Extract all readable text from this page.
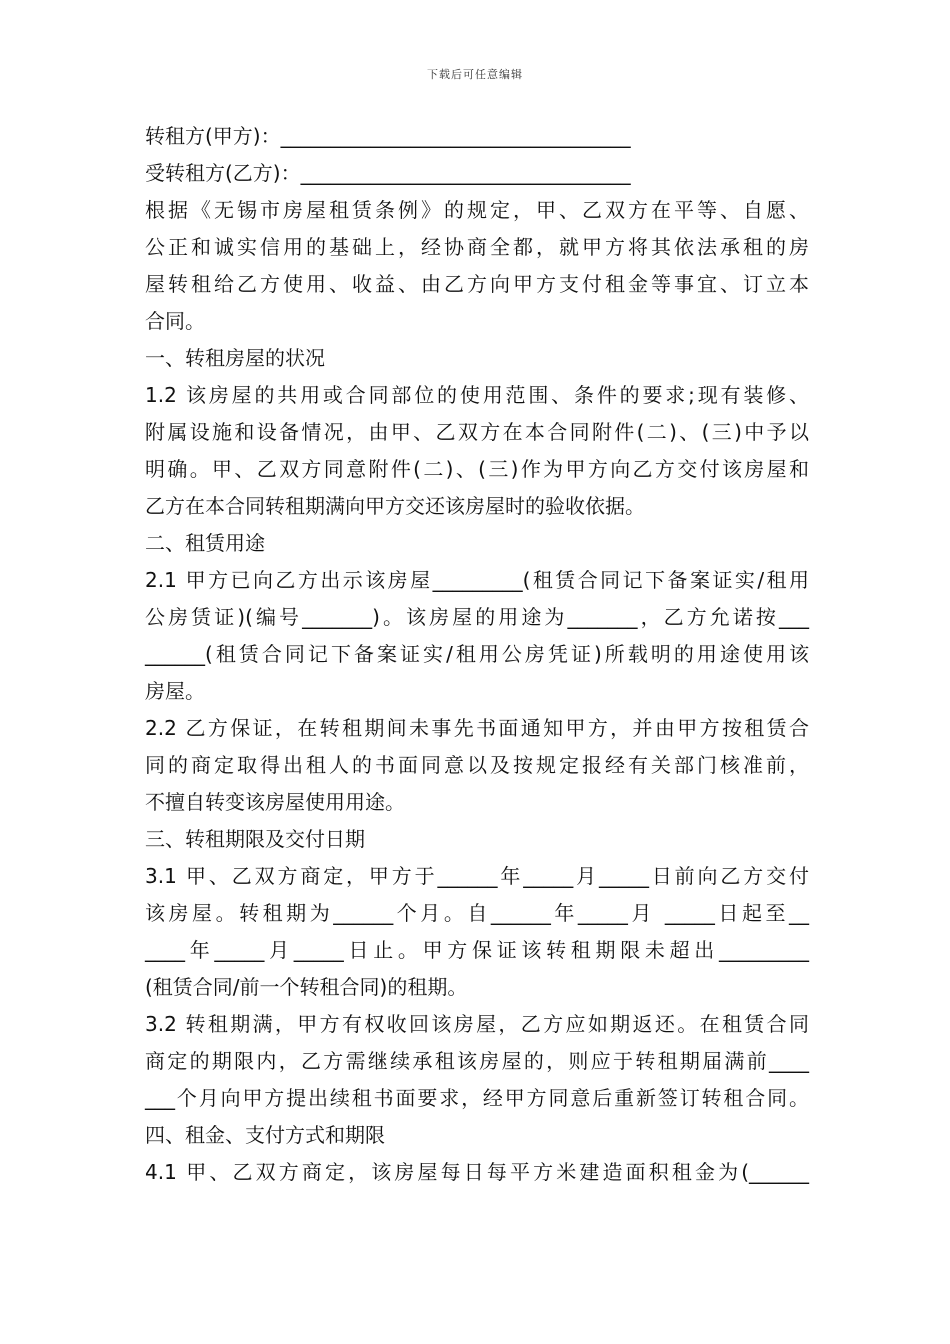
下载后可任意编辑
转租方(甲方)：___________________________________
受转租方(乙方)：_________________________________
根据《无锡市房屋租赁条例》的规定，甲、乙双方在平等、自愿、
公正和诚实信用的基础上，经协商全都，就甲方将其依法承租的房
屋转租给乙方使用、收益、由乙方向甲方支付租金等事宜、订立本
合同。
一、转租房屋的状况
1.2 该房屋的共用或合同部位的使用范围、条件的要求;现有装修、
附属设施和设备情况，由甲、乙双方在本合同附件(二)、(三)中予以
明确。甲、乙双方同意附件(二)、(三)作为甲方向乙方交付该房屋和
乙方在本合同转租期满向甲方交还该房屋时的验收依据。
二、租赁用途
2.1 甲方已向乙方出示该房屋_________(租赁合同记下备案证实/租用
公房赁证)(编号_______)。该房屋的用途为_______，乙方允诺按___
______(租赁合同记下备案证实/租用公房凭证)所载明的用途使用该
房屋。
2.2 乙方保证，在转租期间未事先书面通知甲方，并由甲方按租赁合
同的商定取得出租人的书面同意以及按规定报经有关部门核准前，
不擅自转变该房屋使用用途。
三、转租期限及交付日期
3.1 甲、乙双方商定，甲方于______年_____月_____日前向乙方交付
该房屋。转租期为______个月。自______年_____月 _____日起至__
____年_____月_____日止。甲方保证该转租期限未超出_________
(租赁合同/前一个转租合同)的租期。
3.2 转租期满，甲方有权收回该房屋，乙方应如期返还。在租赁合同
商定的期限内，乙方需继续承租该房屋的，则应于转租期届满前____
___个月向甲方提出续租书面要求，经甲方同意后重新签订转租合同。
四、租金、支付方式和期限
4.1 甲、乙双方商定，该房屋每日每平方米建造面积租金为(______
